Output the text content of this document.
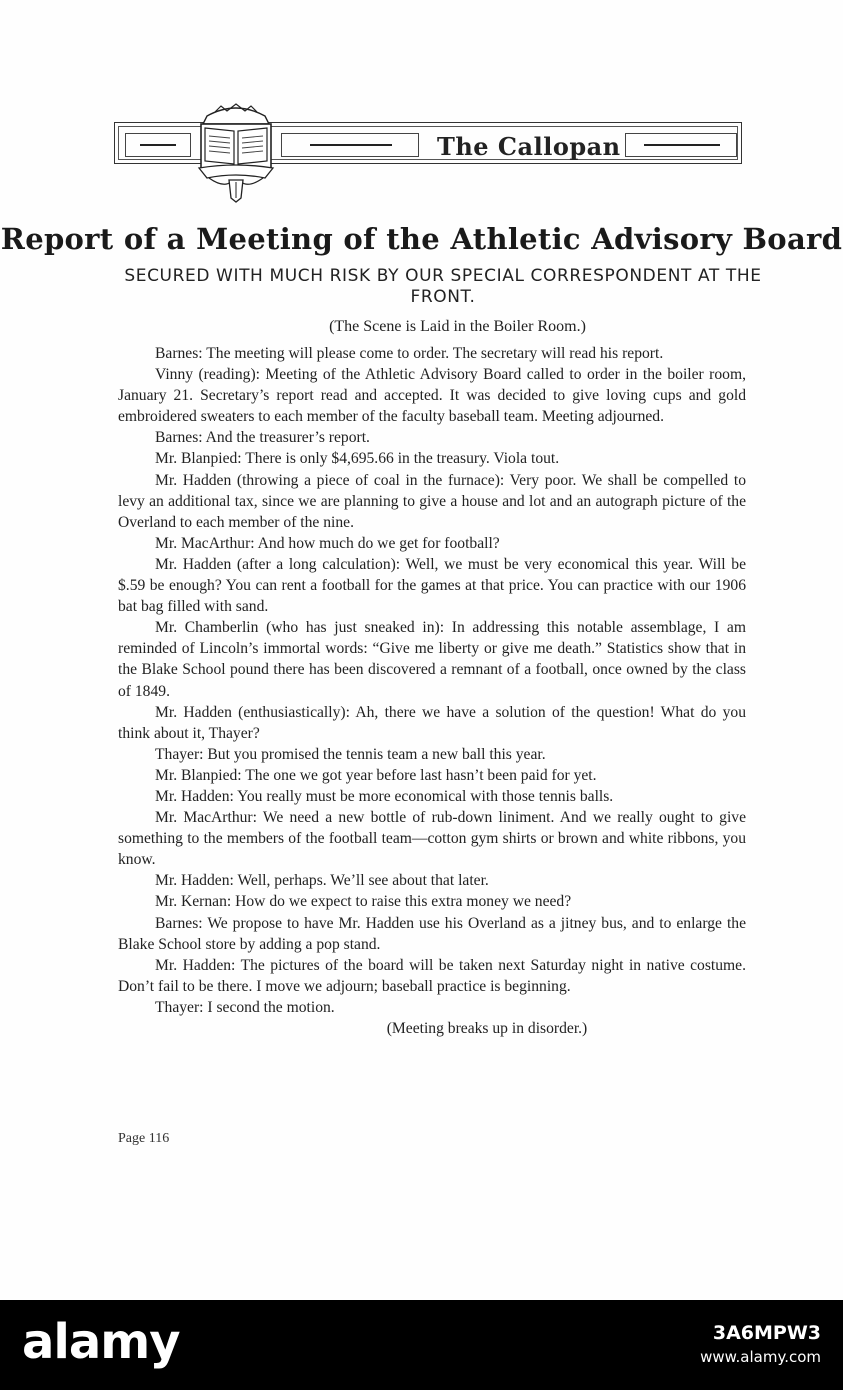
The Callopan
Report of a Meeting of the Athletic Advisory Board
SECURED WITH MUCH RISK BY OUR SPECIAL CORRESPONDENT AT THE FRONT.
(The Scene is Laid in the Boiler Room.)

Barnes: The meeting will please come to order. The secretary will read his report.

Vinny (reading): Meeting of the Athletic Advisory Board called to order in the boiler room, January 21. Secretary’s report read and accepted. It was decided to give loving cups and gold embroidered sweaters to each member of the faculty baseball team. Meeting adjourned.

Barnes: And the treasurer’s report.

Mr. Blanpied: There is only $4,695.66 in the treasury. Viola tout.

Mr. Hadden (throwing a piece of coal in the furnace): Very poor. We shall be compelled to levy an additional tax, since we are planning to give a house and lot and an autograph picture of the Overland to each member of the nine.

Mr. MacArthur: And how much do we get for football?

Mr. Hadden (after a long calculation): Well, we must be very economical this year. Will be $.59 be enough? You can rent a football for the games at that price. You can practice with our 1906 bat bag filled with sand.

Mr. Chamberlin (who has just sneaked in): In addressing this notable assemblage, I am reminded of Lincoln’s immortal words: “Give me liberty or give me death.” Statistics show that in the Blake School pound there has been discovered a remnant of a football, once owned by the class of 1849.

Mr. Hadden (enthusiastically): Ah, there we have a solution of the question! What do you think about it, Thayer?

Thayer: But you promised the tennis team a new ball this year.

Mr. Blanpied: The one we got year before last hasn’t been paid for yet.

Mr. Hadden: You really must be more economical with those tennis balls.

Mr. MacArthur: We need a new bottle of rub-down liniment. And we really ought to give something to the members of the football team—cotton gym shirts or brown and white ribbons, you know.

Mr. Hadden: Well, perhaps. We’ll see about that later.

Mr. Kernan: How do we expect to raise this extra money we need?

Barnes: We propose to have Mr. Hadden use his Overland as a jitney bus, and to enlarge the Blake School store by adding a pop stand.

Mr. Hadden: The pictures of the board will be taken next Saturday night in native costume. Don’t fail to be there. I move we adjourn; baseball practice is beginning.

Thayer: I second the motion.

(Meeting breaks up in disorder.)

Page 116
alamy	3A6MPW3
www.alamy.com
